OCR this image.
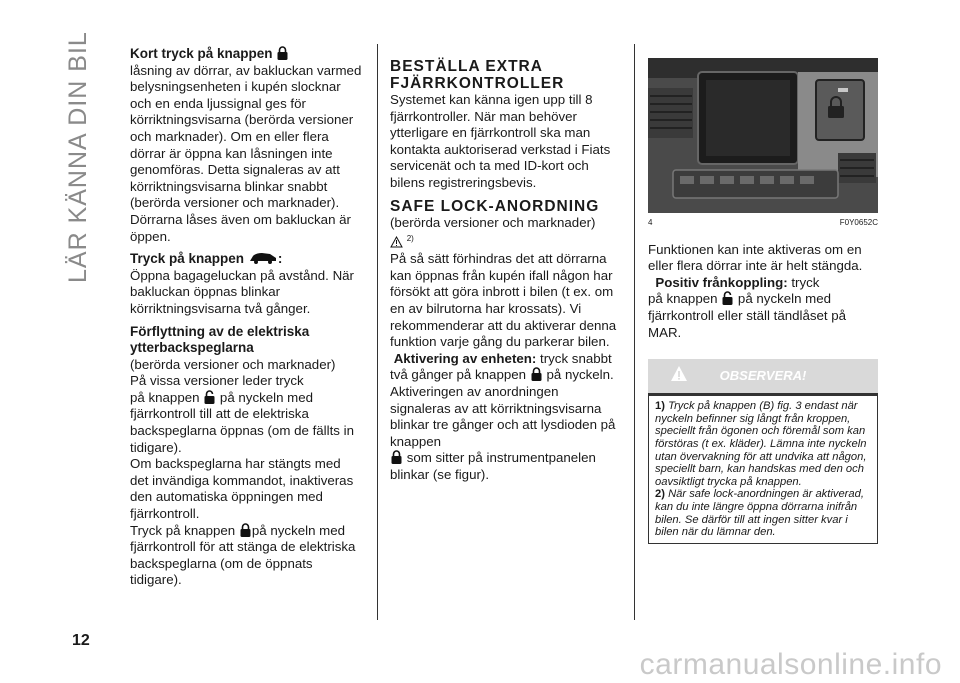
LÄR KÄNNA DIN BIL	Kort tryck på knappen

låsning av dörrar, av bakluckan varmed belysningsenheten i kupén slocknar och en enda ljussignal ges för körriktningsvisarna (berörda versioner och marknader). Om en eller flera dörrar är öppna kan låsningen inte genomföras. Detta signaleras av att körriktningsvisarna blinkar snabbt (berörda versioner och marknader). Dörrarna låses även om bakluckan är öppen.

Tryck på knappen	:

Öppna bagageluckan på avstånd. När bakluckan öppnas blinkar körriktningsvisarna två gånger.

Förflyttning av de elektriska ytterbackspeglarna

(berörda versioner och marknader)

På vissa versioner leder tryck

på knappen på nyckeln med fjärrkontroll till att de elektriska backspeglarna öppnas (om de fällts in tidigare).

Om backspeglarna har stängts med det invändiga kommandot, inaktiveras den automatiska öppningen med fjärrkontroll.

Tryck på knappen på nyckeln med fjärrkontroll för att stänga de elektriska backspeglarna (om de öppnats tidigare).

BESTÄLLA EXTRA FJÄRRKONTROLLER

Systemet kan känna igen upp till 8 fjärrkontroller. När man behöver ytterligare en fjärrkontroll ska man kontakta auktoriserad verkstad i Fiats servicenät och ta med ID-kort och bilens registreringsbevis.

SAFE LOCK-ANORDNING

(berörda versioner och marknader)

$^{2)}$

På så sätt förhindras det att dörrarna kan öppnas från kupén ifall någon har försökt att göra inbrott i bilen (t ex. om en av bilrutorna har krossats). Vi rekommenderar att du aktiverar denna funktion varje gång du parkerar bilen.

Aktivering av enheten: tryck snabbt två gånger på knappen på nyckeln. Aktiveringen av anordningen signaleras av att körriktningsvisarna blinkar tre gånger och att lysdioden på knappen
som sitter på instrumentpanelen blinkar (se figur).

4	F0Y0652C

Funktionen kan inte aktiveras om en eller flera dörrar inte är helt stängda.

Positiv frånkoppling: tryck
på knappen på nyckeln med fjärrkontroll eller ställ tändlåset på MAR.

OBSERVERA!

1) Tryck på knappen (B) fig. 3 endast när nyckeln befinner sig långt från kroppen, speciellt från ögonen och föremål som kan förstöras (t ex. kläder). Lämna inte nyckeln utan övervakning för att undvika att någon, speciellt barn, kan handskas med den och oavsiktligt trycka på knappen.

2) När safe lock-anordningen är aktiverad, kan du inte längre öppna dörrarna inifrån bilen. Se därför till att ingen sitter kvar i bilen när du lämnar den.

12
carmanualsonline.info
